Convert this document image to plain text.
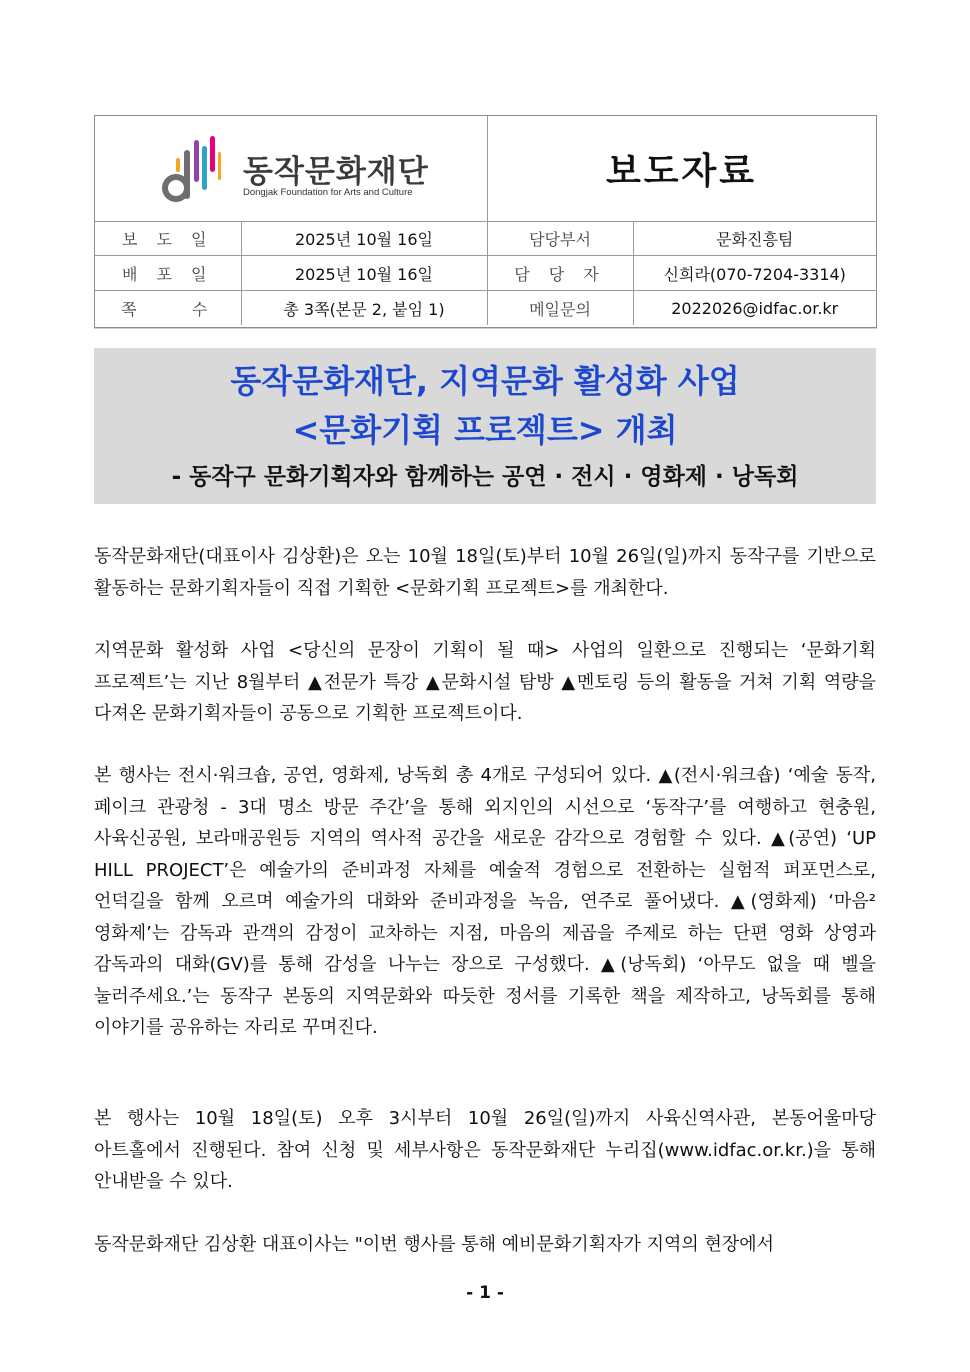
동작문화재단
Dongjak Foundation for Arts and Culture
보도자료
보 도 일	2025년 10월 16일	담당부서	문화진흥팀
배 포 일	2025년 10월 16일	담 당 자	신희라(070-7204-3314)
쪽    수	총 3쪽(본문 2, 붙임 1)	메일문의	2022026@idfac.or.kr
동작문화재단, 지역문화 활성화 사업
<문화기획 프로젝트> 개최
- 동작구 문화기획자와 함께하는 공연 · 전시 · 영화제 · 낭독회

동작문화재단(대표이사 김상환)은 오는 10월 18일(토)부터 10월 26일(일)까지 동작구를 기반으로 활동하는 문화기획자들이 직접 기획한 <문화기획 프로젝트>를 개최한다.

지역문화 활성화 사업 <당신의 문장이 기획이 될 때> 사업의 일환으로 진행되는 ‘문화기획 프로젝트’는 지난 8월부터 ▲전문가 특강 ▲문화시설 탐방 ▲멘토링 등의 활동을 거쳐 기획 역량을 다져온 문화기획자들이 공동으로 기획한 프로젝트이다.

본 행사는 전시·워크숍, 공연, 영화제, 낭독회 총 4개로 구성되어 있다. ▲(전시·워크숍) ‘예술 동작, 페이크 관광청 - 3대 명소 방문 주간’을 통해 외지인의 시선으로 ‘동작구’를 여행하고 현충원, 사육신공원, 보라매공원등 지역의 역사적 공간을 새로운 감각으로 경험할 수 있다. ▲(공연) ‘UP HILL PROJECT’은 예술가의 준비과정 자체를 예술적 경험으로 전환하는 실험적 퍼포먼스로, 언덕길을 함께 오르며 예술가의 대화와 준비과정을 녹음, 연주로 풀어냈다. ▲(영화제) ‘마음² 영화제’는 감독과 관객의 감정이 교차하는 지점, 마음의 제곱을 주제로 하는 단편 영화 상영과 감독과의 대화(GV)를 통해 감성을 나누는 장으로 구성했다. ▲(낭독회) ‘아무도 없을 때 벨을 눌러주세요.’는 동작구 본동의 지역문화와 따듯한 정서를 기록한 책을 제작하고, 낭독회를 통해 이야기를 공유하는 자리로 꾸며진다.

본 행사는 10월 18일(토) 오후 3시부터 10월 26일(일)까지 사육신역사관, 본동어울마당 아트홀에서 진행된다. 참여 신청 및 세부사항은 동작문화재단 누리집(www.idfac.or.kr.)을 통해 안내받을 수 있다.

동작문화재단 김상환 대표이사는 "이번 행사를 통해 예비문화기획자가 지역의 현장에서

- 1 -
